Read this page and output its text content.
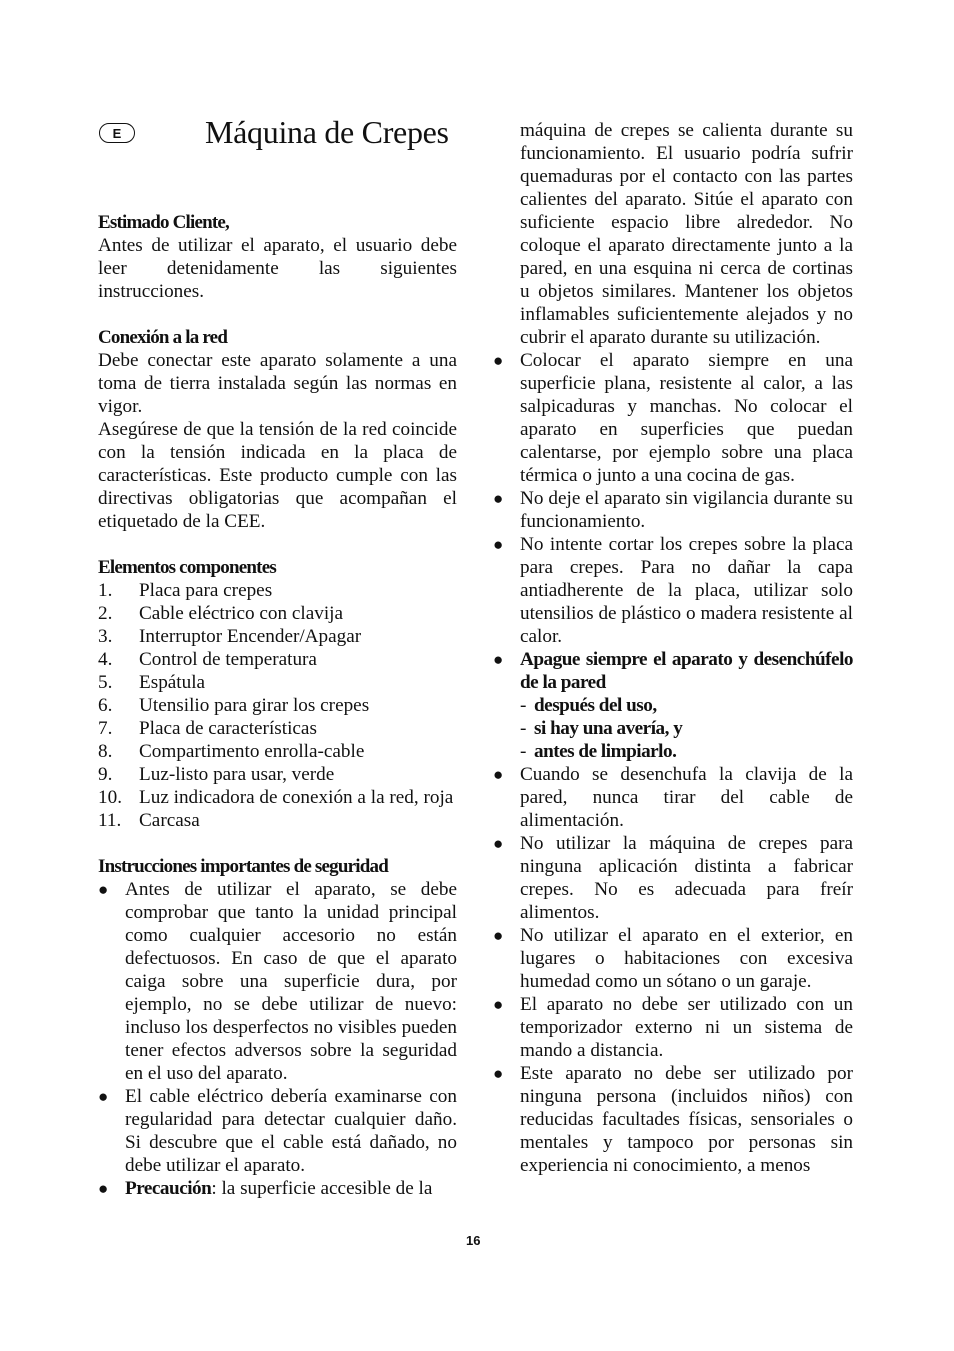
E	Máquina de Crepes
Estimado Cliente,

Antes de utilizar el aparato, el usuario debe leer detenidamente las siguientes instrucciones.

Conexión a la red

Debe conectar este aparato solamente a una toma de tierra instalada según las normas en vigor.

Asegúrese de que la tensión de la red coincide con la tensión indicada en la placa de características. Este producto cumple con las directivas obligatorias que acompañan el etiquetado de la CEE.

Elementos componentes
1.	Placa para crepes
2.	Cable eléctrico con clavija
3.	Interruptor Encender/Apagar
4.	Control de temperatura
5.	Espátula
6.	Utensilio para girar los crepes
7.	Placa de características
8.	Compartimento enrolla-cable
9.	Luz-listo para usar, verde
10. Luz indicadora de conexión a la red, roja
11. Carcasa
Instrucciones importantes de seguridad
● Antes de utilizar el aparato, se debe comprobar que tanto la unidad principal como cualquier accesorio no están defectuosos. En caso de que el aparato caiga sobre una superficie dura, por ejemplo, no se debe utilizar de nuevo: incluso los desperfectos no visibles pueden tener efectos adversos sobre la seguridad en el uso del aparato.
● El cable eléctrico debería examinarse con regularidad para detectar cualquier daño. Si descubre que el cable está dañado, no debe utilizar el aparato.
● Precaución: la superficie accesible de la

máquina de crepes se calienta durante su funcionamiento. El usuario podría sufrir quemaduras por el contacto con las partes calientes del aparato. Sitúe el aparato con suficiente espacio libre alrededor. No coloque el aparato directamente junto a la pared, en una esquina ni cerca de cortinas u objetos similares. Mantener los objetos inflamables suficientemente alejados y no cubrir el aparato durante su utilización.

● Colocar el aparato siempre en una superficie plana, resistente al calor, a las salpicaduras y manchas. No colocar el aparato en superficies que puedan calentarse, por ejemplo sobre una placa térmica o junto a una cocina de gas.
● No deje el aparato sin vigilancia durante su funcionamiento.
● No intente cortar los crepes sobre la placa para crepes. Para no dañar la capa antiadherente de la placa, utilizar solo utensilios de plástico o madera resistente al calor.
● Apague siempre el aparato y desenchúfelo de la pared
- después del uso,
- si hay una avería, y
- antes de limpiarlo.
● Cuando se desenchufa la clavija de la pared, nunca tirar del cable de alimentación.
● No utilizar la máquina de crepes para ninguna aplicación distinta a fabricar crepes. No es adecuada para freír alimentos.
● No utilizar el aparato en el exterior, en lugares o habitaciones con excesiva humedad como un sótano o un garaje.
● El aparato no debe ser utilizado con un temporizador externo ni un sistema de mando a distancia.
● Este aparato no debe ser utilizado por ninguna persona (incluidos niños) con reducidas facultades físicas, sensoriales o mentales y tampoco por personas sin experiencia ni conocimiento, a menos
16
